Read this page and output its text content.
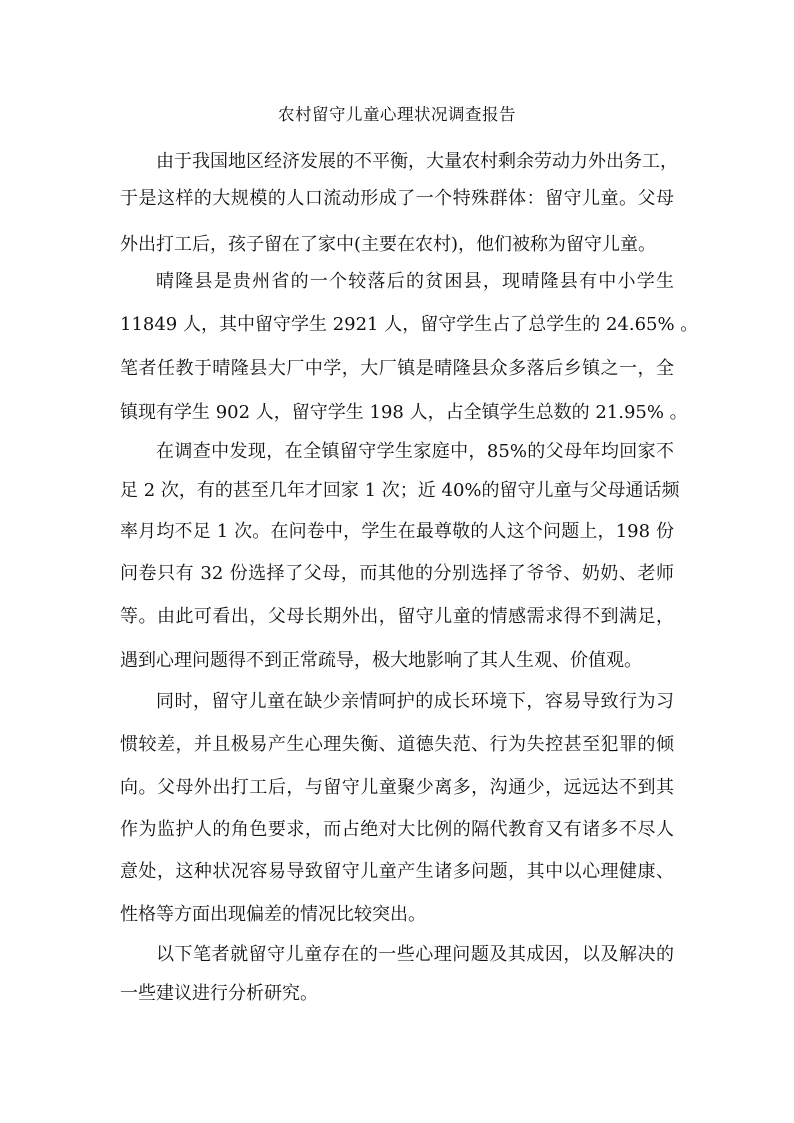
农村留守儿童心理状况调查报告
由于我国地区经济发展的不平衡，大量农村剩余劳动力外出务工，
于是这样的大规模的人口流动形成了一个特殊群体：留守儿童。父母
外出打工后，孩子留在了家中(主要在农村)，他们被称为留守儿童。
晴隆县是贵州省的一个较落后的贫困县，现晴隆县有中小学生
11849 人，其中留守学生 2921 人，留守学生占了总学生的 24.65% 。
笔者任教于晴隆县大厂中学，大厂镇是晴隆县众多落后乡镇之一，全
镇现有学生 902 人，留守学生 198 人，占全镇学生总数的 21.95% 。
在调查中发现，在全镇留守学生家庭中，85%的父母年均回家不
足 2 次，有的甚至几年才回家 1 次；近 40%的留守儿童与父母通话频
率月均不足 1 次。在问卷中，学生在最尊敬的人这个问题上，198 份
问卷只有 32 份选择了父母，而其他的分别选择了爷爷、奶奶、老师
等。由此可看出，父母长期外出，留守儿童的情感需求得不到满足，
遇到心理问题得不到正常疏导，极大地影响了其人生观、价值观。
同时，留守儿童在缺少亲情呵护的成长环境下，容易导致行为习
惯较差，并且极易产生心理失衡、道德失范、行为失控甚至犯罪的倾
向。父母外出打工后，与留守儿童聚少离多，沟通少，远远达不到其
作为监护人的角色要求，而占绝对大比例的隔代教育又有诸多不尽人
意处，这种状况容易导致留守儿童产生诸多问题，其中以心理健康、
性格等方面出现偏差的情况比较突出。
以下笔者就留守儿童存在的一些心理问题及其成因，以及解决的
一些建议进行分析研究。
